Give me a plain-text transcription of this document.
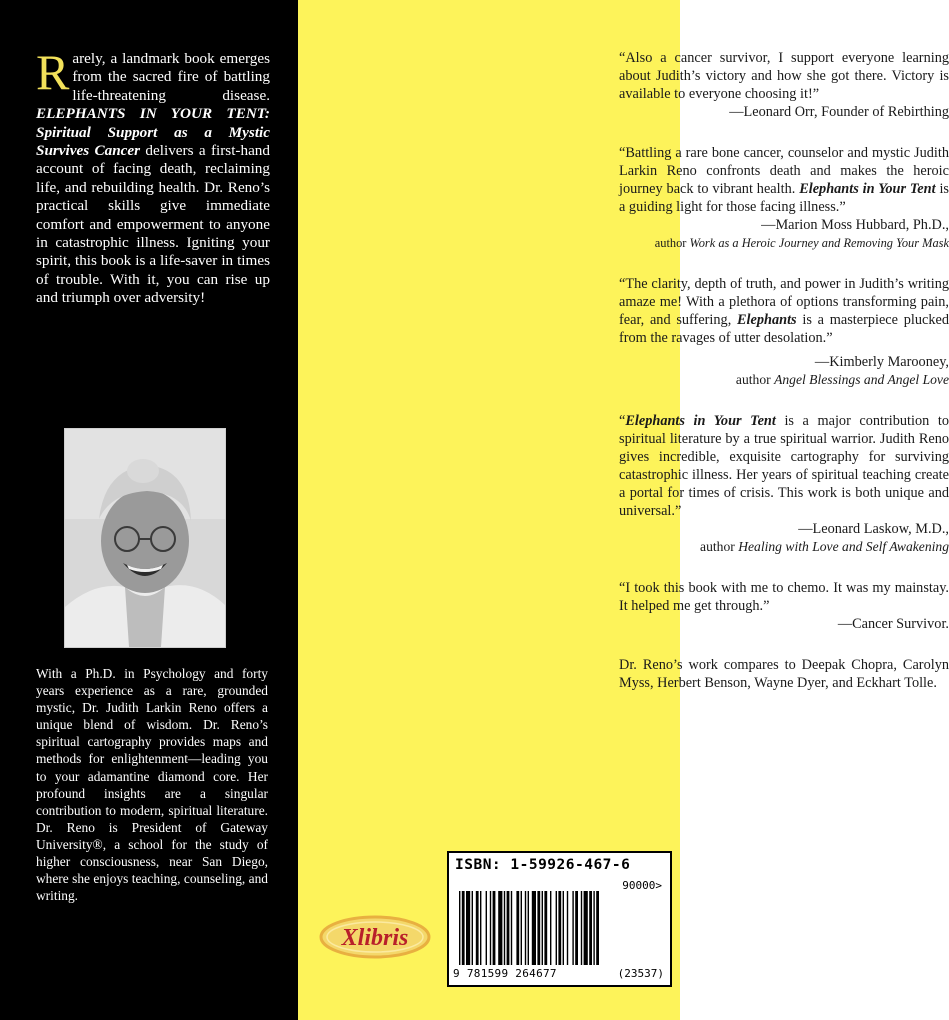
Rarely, a landmark book emerges from the sacred fire of battling life-threatening disease. ELEPHANTS IN YOUR TENT: Spiritual Support as a Mystic Survives Cancer delivers a first-hand account of facing death, reclaiming life, and rebuilding health. Dr. Reno’s practical skills give immediate comfort and empowerment to anyone in catastrophic illness. Igniting your spirit, this book is a life-saver in times of trouble. With it, you can rise up and triumph over adversity!
With a Ph.D. in Psychology and forty years experience as a rare, grounded mystic, Dr. Judith Larkin Reno offers a unique blend of wisdom. Dr. Reno’s spiritual cartography provides maps and methods for enlightenment—leading you to your adamantine diamond core. Her profound insights are a singular contribution to modern, spiritual literature. Dr. Reno is President of Gateway University®, a school for the study of higher consciousness, near San Diego, where she enjoys teaching, counseling, and writing.
“Also a cancer survivor, I support everyone learning about Judith’s victory and how she got there. Victory is available to everyone choosing it!”
—Leonard Orr, Founder of Rebirthing
“Battling a rare bone cancer, counselor and mystic Judith Larkin Reno confronts death and makes the heroic journey back to vibrant health. Elephants in Your Tent is a guiding light for those facing illness.”
—Marion Moss Hubbard, Ph.D.,
author Work as a Heroic Journey and Removing Your Mask
“The clarity, depth of truth, and power in Judith’s writing amaze me! With a plethora of options transforming pain, fear, and suffering, Elephants is a masterpiece plucked from the ravages of utter desolation.”
—Kimberly Marooney,
author Angel Blessings and Angel Love
“Elephants in Your Tent is a major contribution to spiritual literature by a true spiritual warrior. Judith Reno gives incredible, exquisite cartography for surviving catastrophic illness. Her years of spiritual teaching create a portal for times of crisis. This work is both unique and universal.”
—Leonard Laskow, M.D.,
author Healing with Love and Self Awakening
“I took this book with me to chemo. It was my mainstay. It helped me get through.”
—Cancer Survivor.
Dr. Reno’s work compares to Deepak Chopra, Carolyn Myss, Herbert Benson, Wayne Dyer, and Eckhart Tolle.
Xlibris
ISBN: 1-59926-467-6
90000>
9 781599 264677	(23537)
